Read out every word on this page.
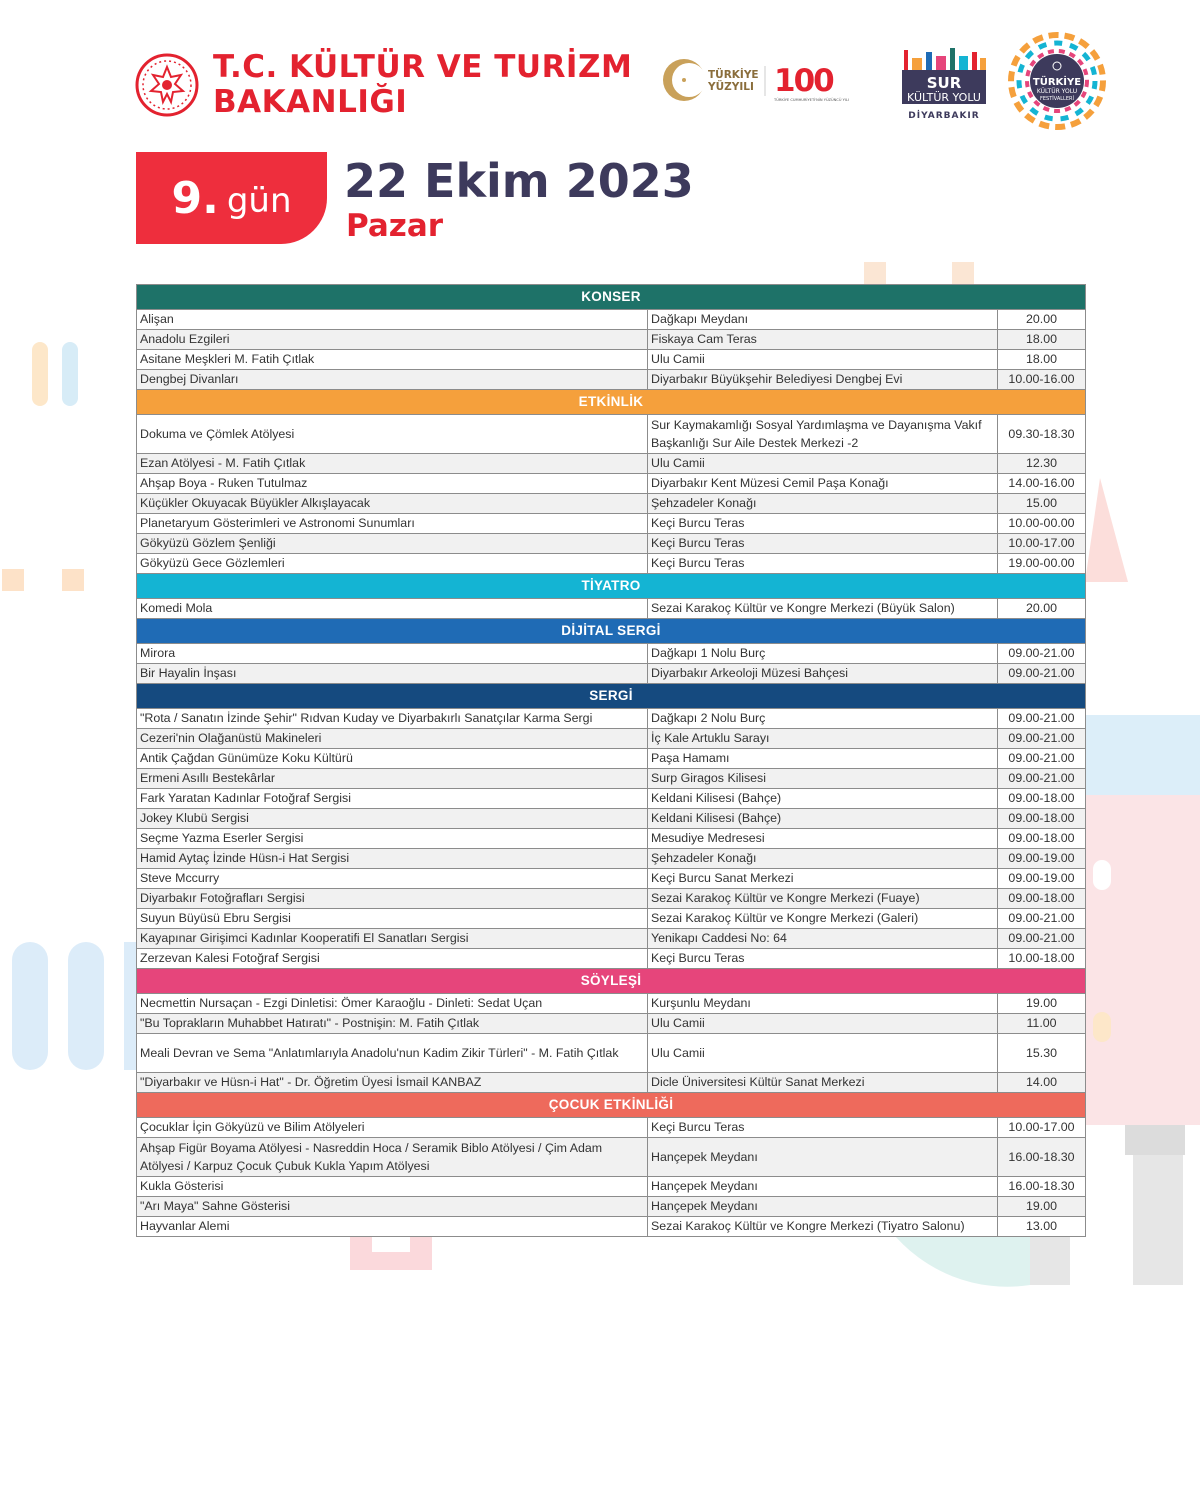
T.C. KÜLTÜR VE TURİZM
BAKANLIĞI
TÜRKİYE
YÜZYILI 100
TÜRKİYE CUMHURİYETİ'NİN YÜZÜNCÜ YILI
SUR
KÜLTÜR YOLU
DİYARBAKIR
TÜRKİYE
KÜLTÜR YOLU
FESTİVALLERİ
9. gün 22 Ekim 2023
Pazar
KONSER		
Alişan	Dağkapı Meydanı	20.00
Anadolu Ezgileri	Fiskaya Cam Teras	18.00
Asitane Meşkleri M. Fatih Çıtlak	Ulu Camii	18.00
Dengbej Divanları	Diyarbakır Büyükşehir Belediyesi Dengbej Evi	10.00-16.00
ETKİNLİK		
Dokuma ve Çömlek Atölyesi	Sur Kaymakamlığı Sosyal Yardımlaşma ve Dayanışma Vakıf Başkanlığı Sur Aile Destek Merkezi -2	09.30-18.30
Ezan Atölyesi - M. Fatih Çıtlak	Ulu Camii	12.30
Ahşap Boya - Ruken Tutulmaz	Diyarbakır Kent Müzesi Cemil Paşa Konağı	14.00-16.00
Küçükler Okuyacak Büyükler Alkışlayacak	Şehzadeler Konağı	15.00
Planetaryum Gösterimleri ve Astronomi Sunumları	Keçi Burcu Teras	10.00-00.00
Gökyüzü Gözlem Şenliği	Keçi Burcu Teras	10.00-17.00
Gökyüzü Gece Gözlemleri	Keçi Burcu Teras	19.00-00.00
TİYATRO		
Komedi Mola	Sezai Karakoç Kültür ve Kongre Merkezi (Büyük Salon)	20.00
DİJİTAL SERGİ		
Mirora	Dağkapı 1 Nolu Burç	09.00-21.00
Bir Hayalin İnşası	Diyarbakır Arkeoloji Müzesi Bahçesi	09.00-21.00
SERGİ		
"Rota / Sanatın İzinde Şehir" Rıdvan Kuday ve Diyarbakırlı Sanatçılar Karma Sergi	Dağkapı 2 Nolu Burç	09.00-21.00
Cezeri'nin Olağanüstü Makineleri	İç Kale Artuklu Sarayı	09.00-21.00
Antik Çağdan Günümüze Koku Kültürü	Paşa Hamamı	09.00-21.00
Ermeni Asıllı Bestekârlar	Surp Giragos Kilisesi	09.00-21.00
Fark Yaratan Kadınlar Fotoğraf Sergisi	Keldani Kilisesi (Bahçe)	09.00-18.00
Jokey Klubü Sergisi	Keldani Kilisesi (Bahçe)	09.00-18.00
Seçme Yazma Eserler Sergisi	Mesudiye Medresesi	09.00-18.00
Hamid Aytaç İzinde Hüsn-i Hat Sergisi	Şehzadeler Konağı	09.00-19.00
Steve Mccurry	Keçi Burcu Sanat Merkezi	09.00-19.00
Diyarbakır Fotoğrafları Sergisi	Sezai Karakoç Kültür ve Kongre Merkezi (Fuaye)	09.00-18.00
Suyun Büyüsü Ebru Sergisi	Sezai Karakoç Kültür ve Kongre Merkezi (Galeri)	09.00-21.00
Kayapınar Girişimci Kadınlar Kooperatifi El Sanatları Sergisi	Yenikapı Caddesi No: 64	09.00-21.00
Zerzevan Kalesi Fotoğraf Sergisi	Keçi Burcu Teras	10.00-18.00
SÖYLEŞİ		
Necmettin Nursaçan - Ezgi Dinletisi: Ömer Karaoğlu - Dinleti: Sedat Uçan	Kurşunlu Meydanı	19.00
"Bu Toprakların Muhabbet Hatıratı" - Postnişin: M. Fatih Çıtlak	Ulu Camii	11.00
Meali Devran ve Sema "Anlatımlarıyla Anadolu'nun Kadim Zikir Türleri" - M. Fatih Çıtlak	Ulu Camii	15.30
"Diyarbakır ve Hüsn-i Hat" - Dr. Öğretim Üyesi İsmail KANBAZ	Dicle Üniversitesi Kültür Sanat Merkezi	14.00
ÇOCUK ETKİNLİĞİ		
Çocuklar İçin Gökyüzü ve Bilim Atölyeleri	Keçi Burcu Teras	10.00-17.00
Ahşap Figür Boyama Atölyesi - Nasreddin Hoca / Seramik Biblo Atölyesi / Çim Adam Atölyesi / Karpuz Çocuk Çubuk Kukla Yapım Atölyesi	Hançepek Meydanı	16.00-18.30
Kukla Gösterisi	Hançepek Meydanı	16.00-18.30
"Arı Maya" Sahne Gösterisi	Hançepek Meydanı	19.00
Hayvanlar Alemi	Sezai Karakoç Kültür ve Kongre Merkezi (Tiyatro Salonu)	13.00
